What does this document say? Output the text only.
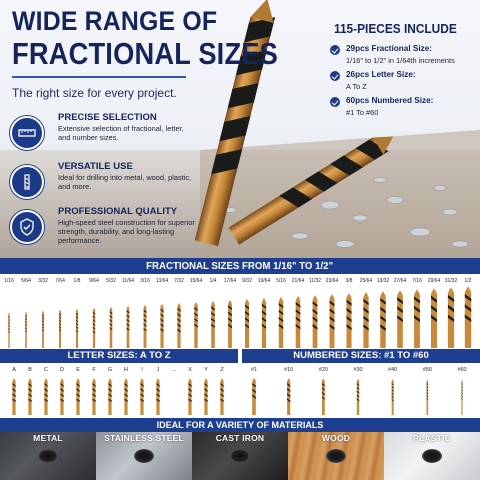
WIDE RANGE OF
FRACTIONAL SIZES
The right size for every project.
PRECISE SELECTION
Extensive selection of fractional, letter, and number sizes.
VERSATILE USE
Ideal for drilling into metal, wood, plastic, and more.
PROFESSIONAL QUALITY
High-speed steel construction for superior strength, durability, and long-lasting performance.
115-PIECES INCLUDE
29pcs Fractional Size:
1/16" to 1/2" in 1/64th increments
26pcs Letter Size:
A To Z
60pcs Numbered Size:
#1 To #60
FRACTIONAL SIZES FROM 1/16" TO 1/2"
1/16	5/64	3/32	7/64	1/8	9/64	5/32	11/64	3/16	13/64	7/32	15/64	1/4	17/64	9/32	19/64	5/16	21/64 11/32 23/64	3/8	25/64 13/32 27/64	7/16	29/64 31/32	1/2
LETTER SIZES: A TO Z	NUMBERED SIZES: #1 TO #60
A	B	C	D	E	F	G	H	I	J	...	X	Y	Z	#1	#10	#20	#30	#40	#50	#60
IDEAL FOR A VARIETY OF MATERIALS
METAL	STAINLESS STEEL	CAST IRON	WOOD	PLASTIC
